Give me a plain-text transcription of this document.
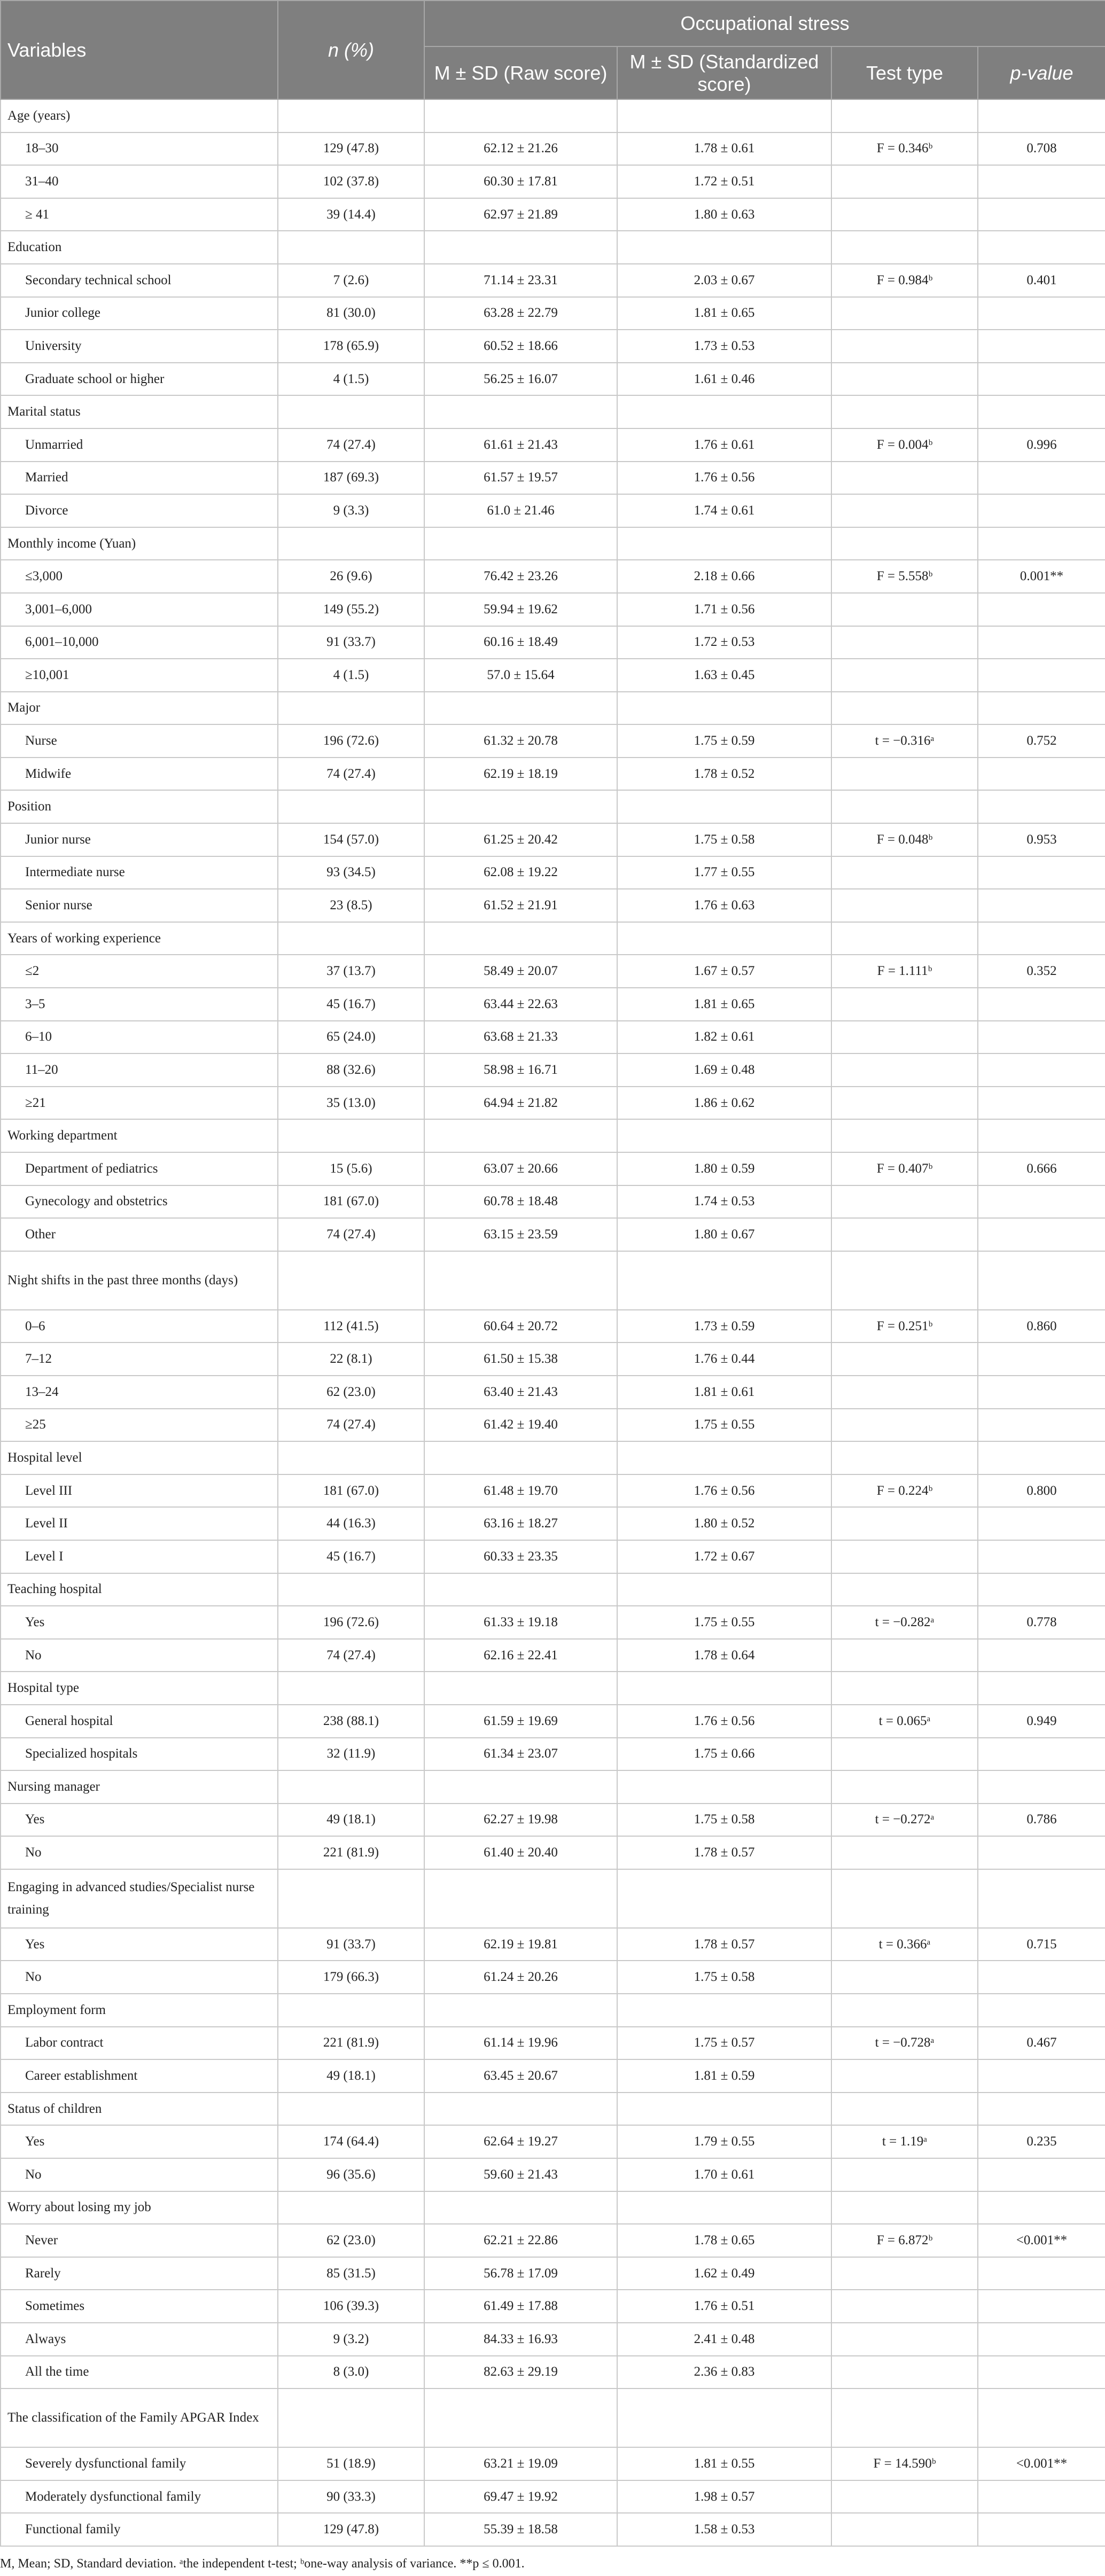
Variables	n (%)	Occupational stress			
		M ± SD (Raw score)	M ± SD (Standardized score)	Test type	p-value
Age (years)					
18–30	129 (47.8)	62.12 ± 21.26	1.78 ± 0.61	F = 0.346ᵇ	0.708
31–40	102 (37.8)	60.30 ± 17.81	1.72 ± 0.51		
≥ 41	39 (14.4)	62.97 ± 21.89	1.80 ± 0.63		
Education					
Secondary technical school	7 (2.6)	71.14 ± 23.31	2.03 ± 0.67	F = 0.984ᵇ	0.401
Junior college	81 (30.0)	63.28 ± 22.79	1.81 ± 0.65		
University	178 (65.9)	60.52 ± 18.66	1.73 ± 0.53		
Graduate school or higher	4 (1.5)	56.25 ± 16.07	1.61 ± 0.46		
Marital status					
Unmarried	74 (27.4)	61.61 ± 21.43	1.76 ± 0.61	F = 0.004ᵇ	0.996
Married	187 (69.3)	61.57 ± 19.57	1.76 ± 0.56		
Divorce	9 (3.3)	61.0 ± 21.46	1.74 ± 0.61		
Monthly income (Yuan)					
≤3,000	26 (9.6)	76.42 ± 23.26	2.18 ± 0.66	F = 5.558ᵇ	0.001**
3,001–6,000	149 (55.2)	59.94 ± 19.62	1.71 ± 0.56		
6,001–10,000	91 (33.7)	60.16 ± 18.49	1.72 ± 0.53		
≥10,001	4 (1.5)	57.0 ± 15.64	1.63 ± 0.45		
Major					
Nurse	196 (72.6)	61.32 ± 20.78	1.75 ± 0.59	t = −0.316ᵃ	0.752
Midwife	74 (27.4)	62.19 ± 18.19	1.78 ± 0.52		
Position					
Junior nurse	154 (57.0)	61.25 ± 20.42	1.75 ± 0.58	F = 0.048ᵇ	0.953
Intermediate nurse	93 (34.5)	62.08 ± 19.22	1.77 ± 0.55		
Senior nurse	23 (8.5)	61.52 ± 21.91	1.76 ± 0.63		
Years of working experience					
≤2	37 (13.7)	58.49 ± 20.07	1.67 ± 0.57	F = 1.111ᵇ	0.352
3–5	45 (16.7)	63.44 ± 22.63	1.81 ± 0.65		
6–10	65 (24.0)	63.68 ± 21.33	1.82 ± 0.61		
11–20	88 (32.6)	58.98 ± 16.71	1.69 ± 0.48		
≥21	35 (13.0)	64.94 ± 21.82	1.86 ± 0.62		
Working department					
Department of pediatrics	15 (5.6)	63.07 ± 20.66	1.80 ± 0.59	F = 0.407ᵇ	0.666
Gynecology and obstetrics	181 (67.0)	60.78 ± 18.48	1.74 ± 0.53		
Other	74 (27.4)	63.15 ± 23.59	1.80 ± 0.67		
Night shifts in the past three months (days)					
0–6	112 (41.5)	60.64 ± 20.72	1.73 ± 0.59	F = 0.251ᵇ	0.860
7–12	22 (8.1)	61.50 ± 15.38	1.76 ± 0.44		
13–24	62 (23.0)	63.40 ± 21.43	1.81 ± 0.61		
≥25	74 (27.4)	61.42 ± 19.40	1.75 ± 0.55		
Hospital level					
Level III	181 (67.0)	61.48 ± 19.70	1.76 ± 0.56	F = 0.224ᵇ	0.800
Level II	44 (16.3)	63.16 ± 18.27	1.80 ± 0.52		
Level I	45 (16.7)	60.33 ± 23.35	1.72 ± 0.67		
Teaching hospital					
Yes	196 (72.6)	61.33 ± 19.18	1.75 ± 0.55	t = −0.282ᵃ	0.778
No	74 (27.4)	62.16 ± 22.41	1.78 ± 0.64		
Hospital type					
General hospital	238 (88.1)	61.59 ± 19.69	1.76 ± 0.56	t = 0.065ᵃ	0.949
Specialized hospitals	32 (11.9)	61.34 ± 23.07	1.75 ± 0.66		
Nursing manager					
Yes	49 (18.1)	62.27 ± 19.98	1.75 ± 0.58	t = −0.272ᵃ	0.786
No	221 (81.9)	61.40 ± 20.40	1.78 ± 0.57		
Engaging in advanced studies/Specialist nurse training					
Yes	91 (33.7)	62.19 ± 19.81	1.78 ± 0.57	t = 0.366ᵃ	0.715
No	179 (66.3)	61.24 ± 20.26	1.75 ± 0.58		
Employment form					
Labor contract	221 (81.9)	61.14 ± 19.96	1.75 ± 0.57	t = −0.728ᵃ	0.467
Career establishment	49 (18.1)	63.45 ± 20.67	1.81 ± 0.59		
Status of children					
Yes	174 (64.4)	62.64 ± 19.27	1.79 ± 0.55	t = 1.19ᵃ	0.235
No	96 (35.6)	59.60 ± 21.43	1.70 ± 0.61		
Worry about losing my job					
Never	62 (23.0)	62.21 ± 22.86	1.78 ± 0.65	F = 6.872ᵇ	<0.001**
Rarely	85 (31.5)	56.78 ± 17.09	1.62 ± 0.49		
Sometimes	106 (39.3)	61.49 ± 17.88	1.76 ± 0.51		
Always	9 (3.2)	84.33 ± 16.93	2.41 ± 0.48		
All the time	8 (3.0)	82.63 ± 29.19	2.36 ± 0.83		
The classification of the Family APGAR Index					
Severely dysfunctional family	51 (18.9)	63.21 ± 19.09	1.81 ± 0.55	F = 14.590ᵇ	<0.001**
Moderately dysfunctional family	90 (33.3)	69.47 ± 19.92	1.98 ± 0.57		
Functional family	129 (47.8)	55.39 ± 18.58	1.58 ± 0.53		
M, Mean; SD, Standard deviation. ᵃthe independent t-test; ᵇone-way analysis of variance. **p ≤ 0.001.
